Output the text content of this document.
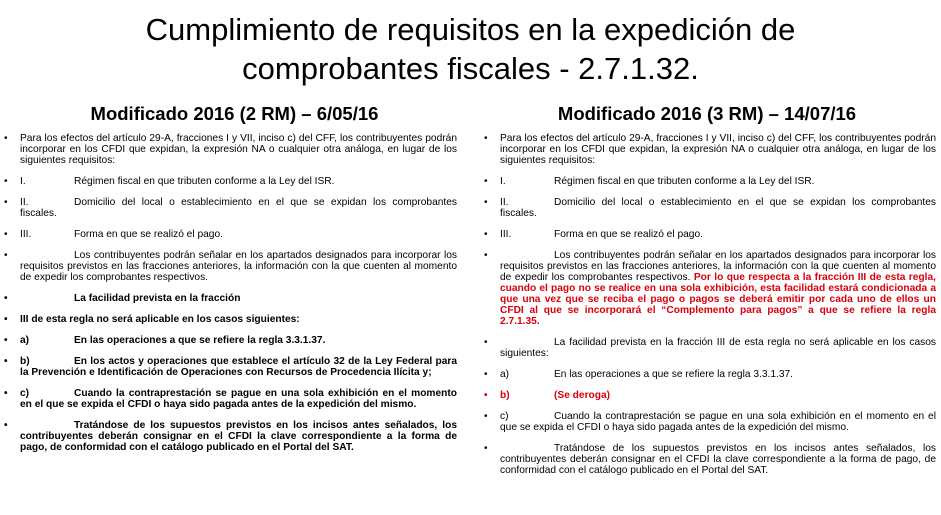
Cumplimiento de requisitos en la expedición de
comprobantes fiscales - 2.7.1.32.
Modificado 2016 (2 RM) – 6/05/16
• Para los efectos del artículo 29-A, fracciones I y VII, inciso c) del CFF, los contribuyentes podrán incorporar en los CFDI que expidan, la expresión NA o cualquier otra análoga, en lugar de los siguientes requisitos:
• I.	Régimen fiscal en que tributen conforme a la Ley del ISR.
• II.	Domicilio del local o establecimiento en el que se expidan los comprobantes fiscales.
• III.	Forma en que se realizó el pago.
• Los contribuyentes podrán señalar en los apartados designados para incorporar los requisitos previstos en las fracciones anteriores, la información con la que cuenten al momento de expedir los comprobantes respectivos.
• La facilidad prevista en la fracción
• III de esta regla no será aplicable en los casos siguientes:
• a)	En las operaciones a que se refiere la regla 3.3.1.37.
• b)	En los actos y operaciones que establece el artículo 32 de la Ley Federal para la Prevención e Identificación de Operaciones con Recursos de Procedencia Ilícita y;
• c)	Cuando la contraprestación se pague en una sola exhibición en el momento en el que se expida el CFDI o haya sido pagada antes de la expedición del mismo.
• Tratándose de los supuestos previstos en los incisos antes señalados, los contribuyentes deberán consignar en el CFDI la clave correspondiente a la forma de pago, de conformidad con el catálogo publicado en el Portal del SAT.
Modificado 2016 (3 RM) – 14/07/16
• Para los efectos del artículo 29-A, fracciones I y VII, inciso c) del CFF, los contribuyentes podrán incorporar en los CFDI que expidan, la expresión NA o cualquier otra análoga, en lugar de los siguientes requisitos:
• I.	Régimen fiscal en que tributen conforme a la Ley del ISR.
• II.	Domicilio del local o establecimiento en el que se expidan los comprobantes fiscales.
• III.	Forma en que se realizó el pago.
• Los contribuyentes podrán señalar en los apartados designados para incorporar los requisitos previstos en las fracciones anteriores, la información con la que cuenten al momento de expedir los comprobantes respectivos. Por lo que respecta a la fracción III de esta regla, cuando el pago no se realice en una sola exhibición, esta facilidad estará condicionada a que una vez que se reciba el pago o pagos se deberá emitir por cada uno de ellos un CFDI al que se incorporará el “Complemento para pagos” a que se refiere la regla 2.7.1.35.
• La facilidad prevista en la fracción III de esta regla no será aplicable en los casos siguientes:
• a)	En las operaciones a que se refiere la regla 3.3.1.37.
• b)	(Se deroga)
• c)	Cuando la contraprestación se pague en una sola exhibición en el momento en el que se expida el CFDI o haya sido pagada antes de la expedición del mismo.
• Tratándose de los supuestos previstos en los incisos antes señalados, los contribuyentes deberán consignar en el CFDI la clave correspondiente a la forma de pago, de conformidad con el catálogo publicado en el Portal del SAT.
